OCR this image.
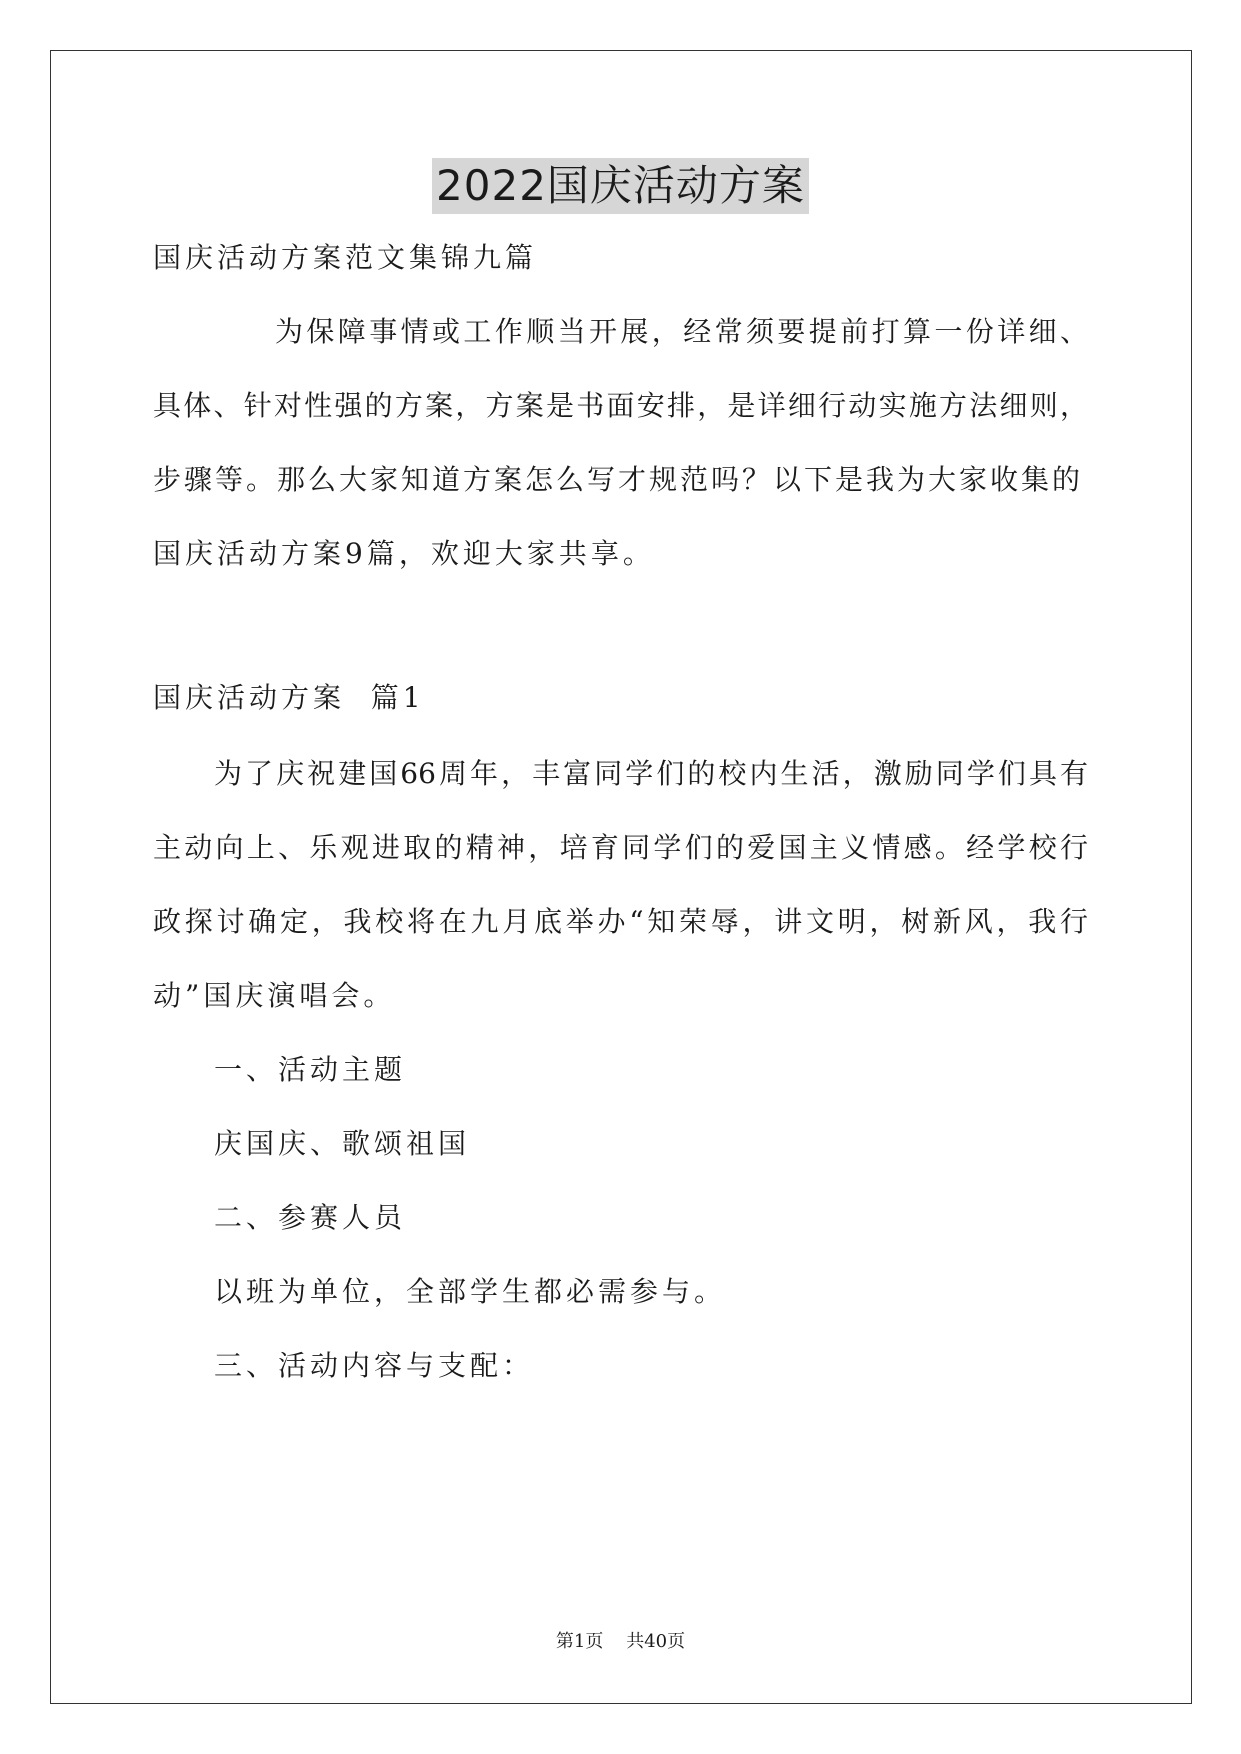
2022国庆活动方案
国庆活动方案范文集锦九篇
为保障事情或工作顺当开展，经常须要提前打算一份详细、
具体、针对性强的方案，方案是书面安排，是详细行动实施方法细则，
步骤等。那么大家知道方案怎么写才规范吗？以下是我为大家收集的
国庆活动方案9篇，欢迎大家共享。
国庆活动方案  篇1
为了庆祝建国66周年，丰富同学们的校内生活，激励同学们具有
主动向上、乐观进取的精神，培育同学们的爱国主义情感。经学校行
政探讨确定，我校将在九月底举办“知荣辱，讲文明，树新风，我行
动”国庆演唱会。
一、活动主题
庆国庆、歌颂祖国
二、参赛人员
以班为单位，全部学生都必需参与。
三、活动内容与支配：
第1页 共40页
